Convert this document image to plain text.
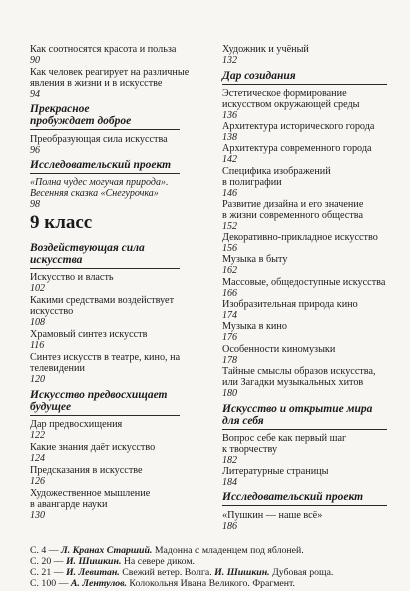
Как соотносятся красота и польза
90
Как человек реагирует на различные
явления в жизни и в искусстве
94
Прекрасное
пробуждает доброе
Преобразующая сила искусства
96
Исследовательский проект
«Полна чудес могучая природа».
Весенняя сказка «Снегурочка»
98
Воздействующая сила
искусства
Искусство и власть
102
Какими средствами воздействует
искусство
108
Храмовый синтез искусств
116
Синтез искусств в театре, кино, на
телевидении
120
Искусство предвосхищает
будущее
Дар предвосхищения
122
Какие знания даёт искусство
124
Предсказания в искусстве
126
Художественное мышление
в авангарде науки
130
9 класс
Художник и учёный
132
Дар созидания
Эстетическое формирование
искусством окружающей среды
136
Архитектура исторического города
138
Архитектура современного города
142
Специфика изображений
в полиграфии
146
Развитие дизайна и его значение
в жизни современного общества
152
Декоративно-прикладное искусство
156
Музыка в быту
162
Массовые, общедоступные искусства
166
Изобразительная природа кино
174
Музыка в кино
176
Особенности киномузыки
178
Тайные смыслы образов искусства,
или Загадки музыкальных хитов
180
Искусство и открытие мира
для себя
Вопрос себе как первый шаг
к творчеству
182
Литературные страницы
184
Исследовательский проект
«Пушкин — наше всё»
186
С. 4 — Л. Кранах Старший. Мадонна с младенцем под яблоней.
С. 20 — И. Шишкин. На севере диком.
С. 21 — И. Левитан. Свежий ветер. Волга. И. Шишкин. Дубовая роща.
С. 100 — А. Лентулов. Колокольня Ивана Великого. Фрагмент.
